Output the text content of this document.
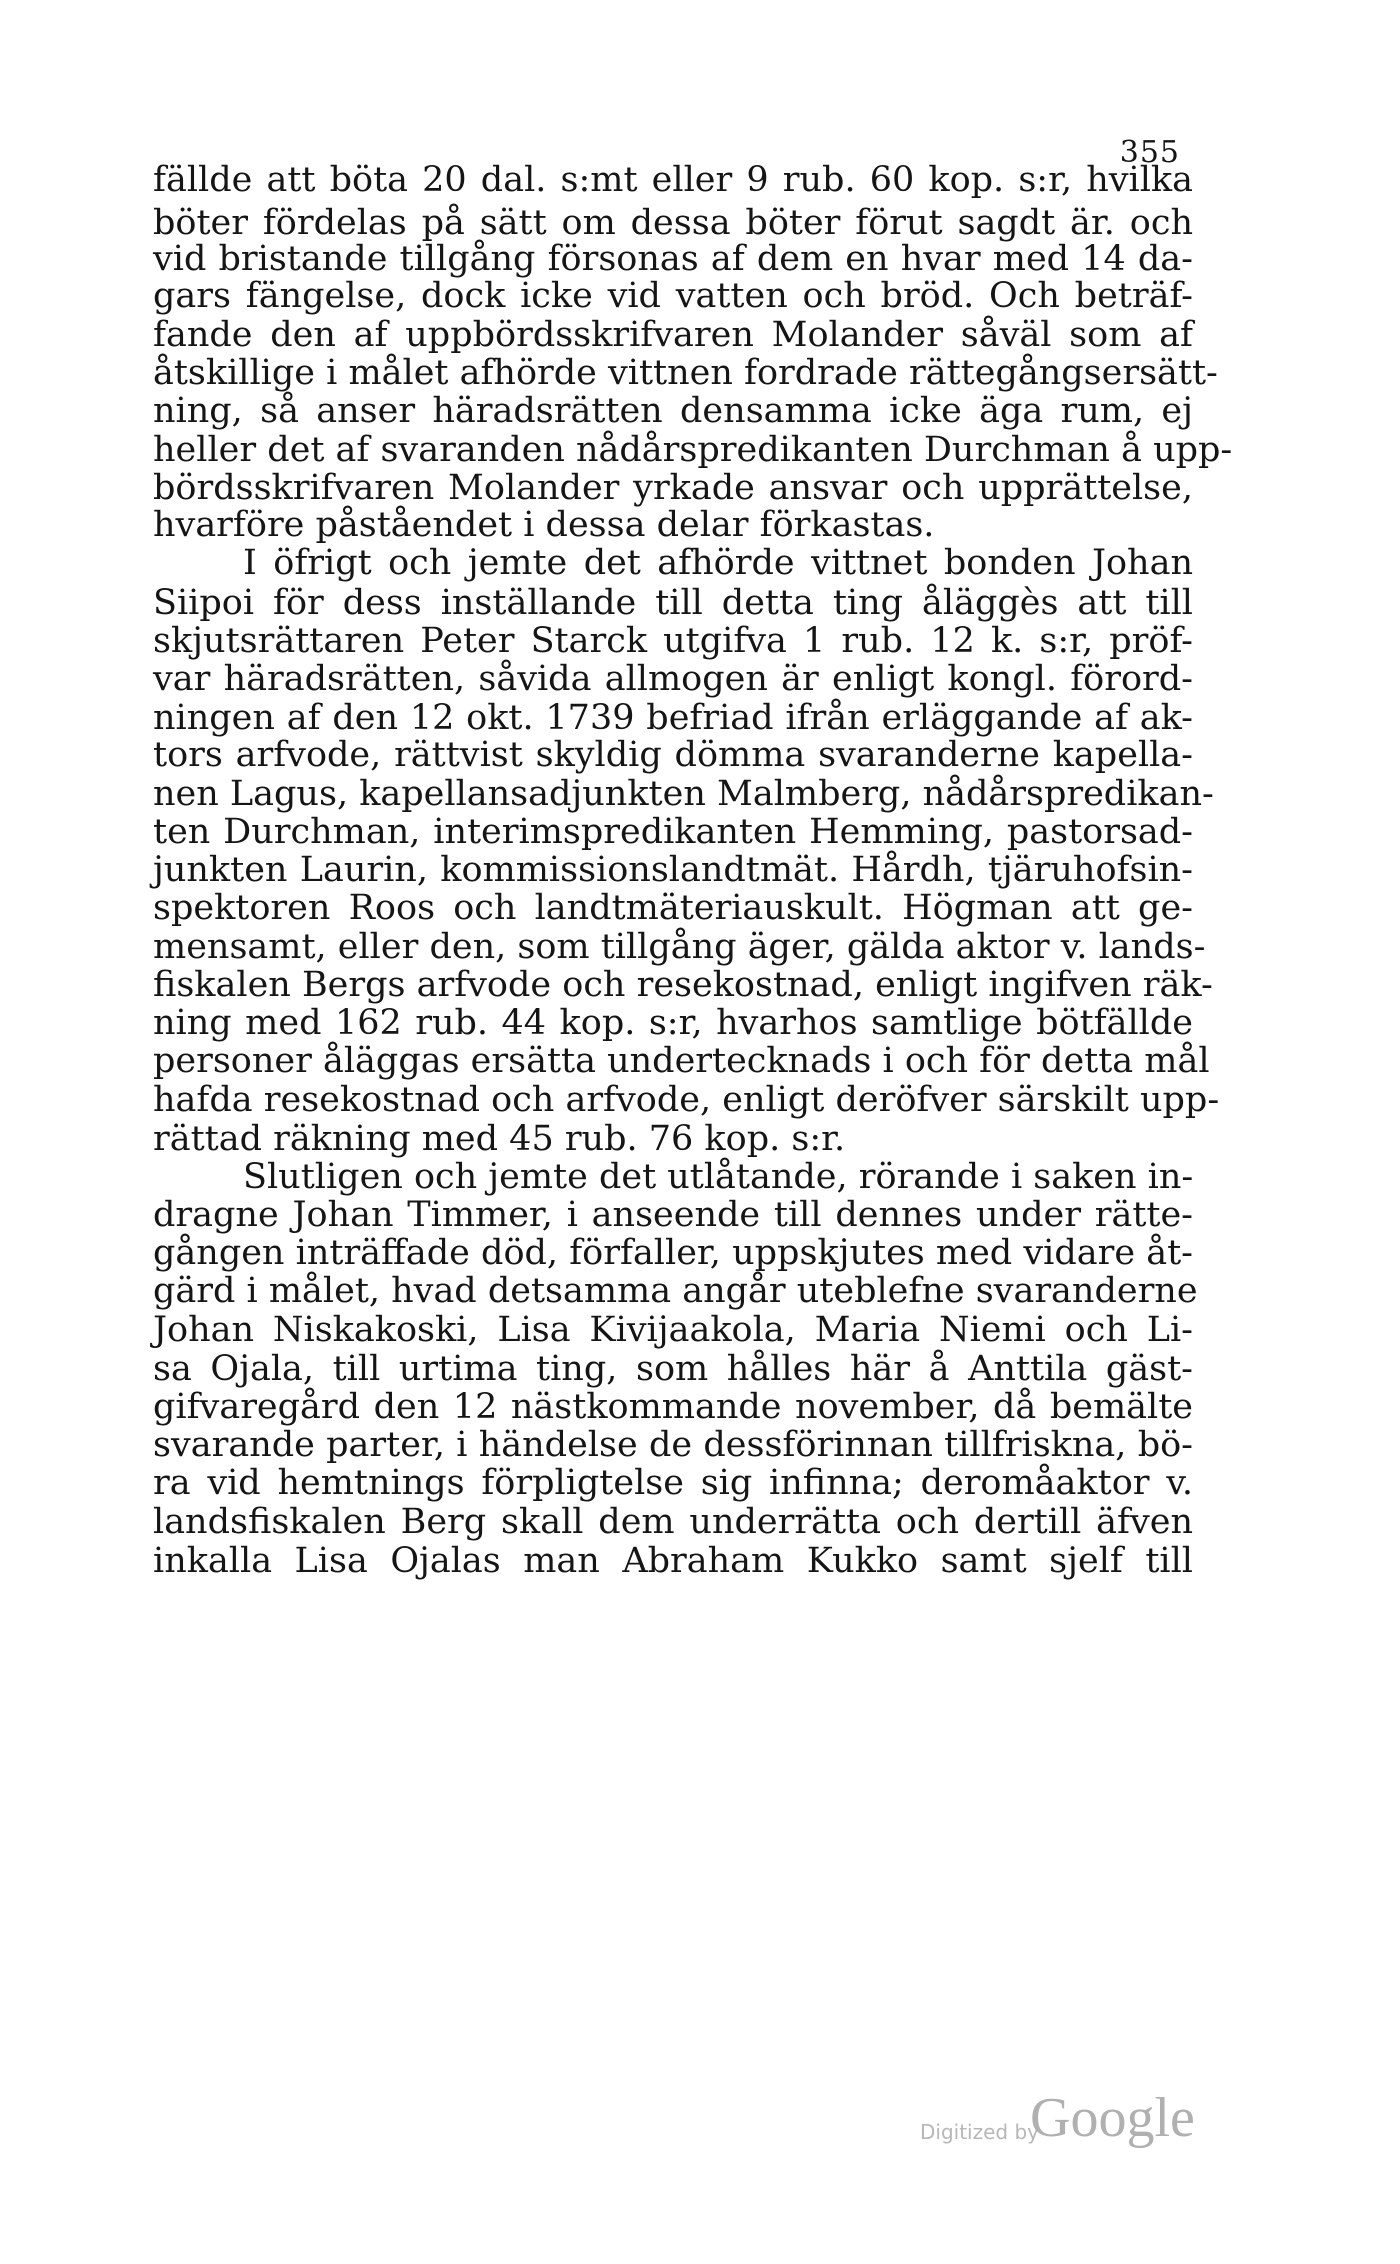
355
fällde att böta 20 dal. s:mt eller 9 rub. 60 kop. s:r, hvilka
böter fördelas på sätt om dessa böter förut sagdt är. och
vid bristande tillgång försonas af dem en hvar med 14 da-
gars fängelse, dock icke vid vatten och bröd. Och beträf-
fande den af uppbördsskrifvaren Molander såväl som af
åtskillige i målet afhörde vittnen fordrade rättegångsersätt-
ning, så anser häradsrätten densamma icke äga rum, ej
heller det af svaranden nådårspredikanten Durchman å upp-
bördsskrifvaren Molander yrkade ansvar och upprättelse,
hvarföre påståendet i dessa delar förkastas.
I öfrigt och jemte det afhörde vittnet bonden Johan
Siipoi för dess inställande till detta ting åläggès att till
skjutsrättaren Peter Starck utgifva 1 rub. 12 k. s:r, pröf-
var häradsrätten, såvida allmogen är enligt kongl. förord-
ningen af den 12 okt. 1739 befriad ifrån erläggande af ak-
tors arfvode, rättvist skyldig dömma svaranderne kapella-
nen Lagus, kapellansadjunkten Malmberg, nådårspredikan-
ten Durchman, interimspredikanten Hemming, pastorsad-
junkten Laurin, kommissionslandtmät. Hårdh, tjäruhofsin-
spektoren Roos och landtmäteriauskult. Högman att ge-
mensamt, eller den, som tillgång äger, gälda aktor v. lands-
fiskalen Bergs arfvode och resekostnad, enligt ingifven räk-
ning med 162 rub. 44 kop. s:r, hvarhos samtlige bötfällde
personer åläggas ersätta undertecknads i och för detta mål
hafda resekostnad och arfvode, enligt deröfver särskilt upp-
rättad räkning med 45 rub. 76 kop. s:r.
Slutligen och jemte det utlåtande, rörande i saken in-
dragne Johan Timmer, i anseende till dennes under rätte-
gången inträffade död, förfaller, uppskjutes med vidare åt-
gärd i målet, hvad detsamma angår uteblefne svaranderne
Johan Niskakoski, Lisa Kivijaakola, Maria Niemi och Li-
sa Ojala, till urtima ting, som hålles här å Anttila gäst-
gifvaregård den 12 nästkommande november, då bemälte
svarande parter, i händelse de dessförinnan tillfriskna, bö-
ra vid hemtnings förpligtelse sig infinna; deromåaktor v.
landsfiskalen Berg skall dem underrätta och dertill äfven
inkalla Lisa Ojalas man Abraham Kukko samt sjelf till
Digitized by
Google
